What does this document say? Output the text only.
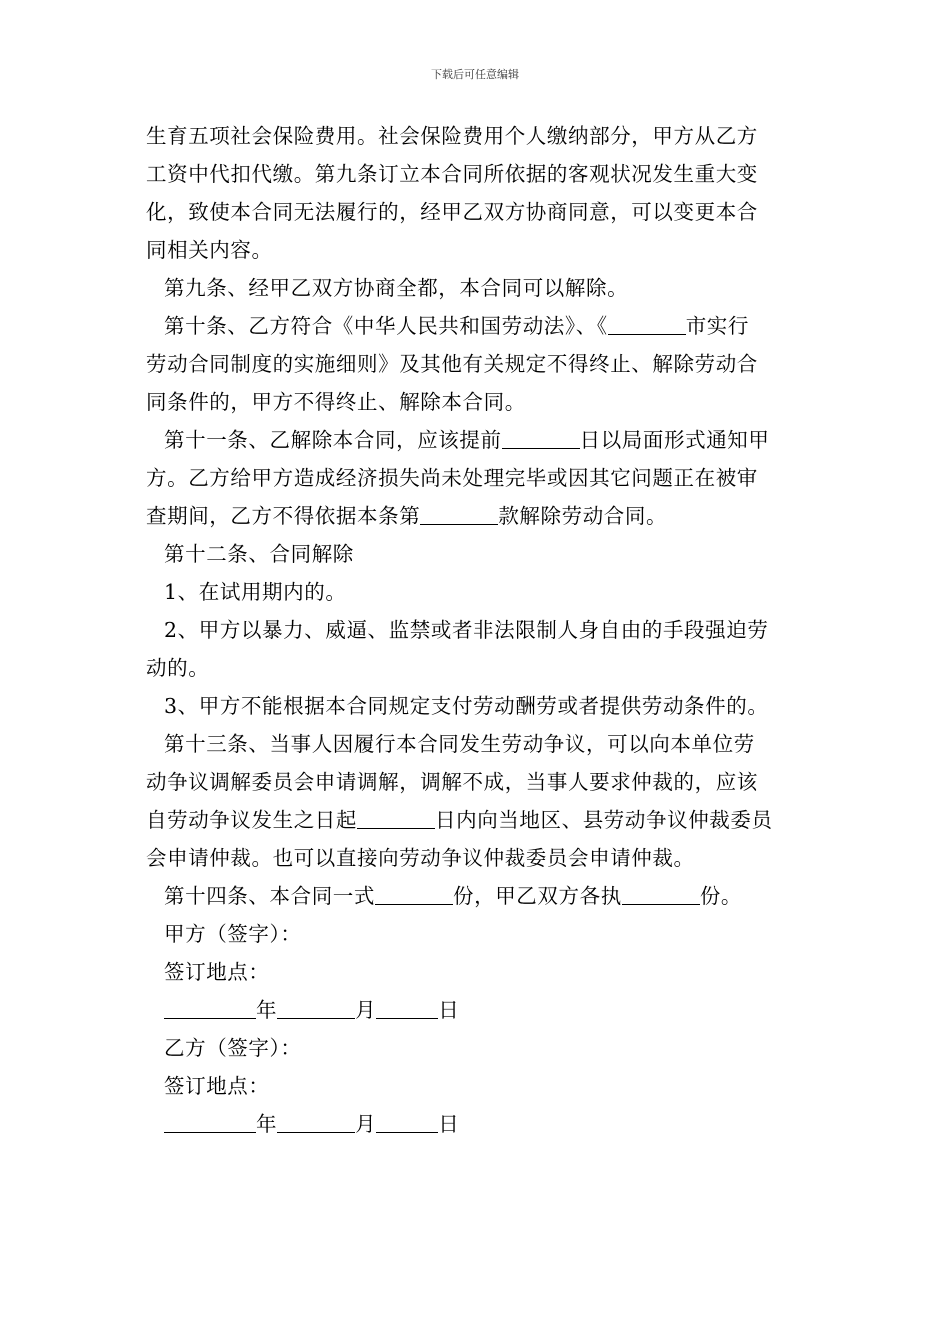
下载后可任意编辑

生育五项社会保险费用。社会保险费用个人缴纳部分，甲方从乙方

工资中代扣代缴。第九条订立本合同所依据的客观状况发生重大变

化，致使本合同无法履行的，经甲乙双方协商同意，可以变更本合

同相关内容。

第九条、经甲乙双方协商全都，本合同可以解除。

第十条、乙方符合《中华人民共和国劳动法》、《	市实行

劳动合同制度的实施细则》及其他有关规定不得终止、解除劳动合

同条件的，甲方不得终止、解除本合同。

第十一条、乙解除本合同，应该提前	日以局面形式通知甲

方。乙方给甲方造成经济损失尚未处理完毕或因其它问题正在被审

查期间，乙方不得依据本条第	款解除劳动合同。

第十二条、合同解除

1、在试用期内的。

2、甲方以暴力、威逼、监禁或者非法限制人身自由的手段强迫劳

动的。

3、甲方不能根据本合同规定支付劳动酬劳或者提供劳动条件的。

第十三条、当事人因履行本合同发生劳动争议，可以向本单位劳

动争议调解委员会申请调解，调解不成，当事人要求仲裁的，应该

自劳动争议发生之日起	日内向当地区、县劳动争议仲裁委员

会申请仲裁。也可以直接向劳动争议仲裁委员会申请仲裁。

第十四条、本合同一式	份，甲乙双方各执	份。

甲方（签字）：

签订地点：

年	月	日

乙方（签字）：

签订地点：

年	月	日
